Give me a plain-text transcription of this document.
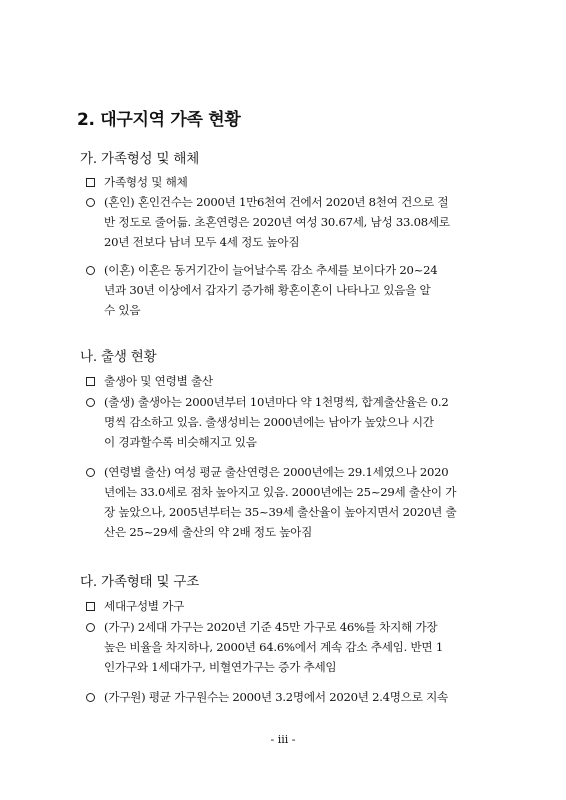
2. 대구지역 가족 현황
가. 가족형성 및 해체
가족형성 및 해체
(혼인) 혼인건수는 2000년 1만6천여 건에서 2020년 8천여 건으로 절
반 정도로 줄어듦. 초혼연령은 2020년 여성 30.67세, 남성 33.08세로
20년 전보다 남녀 모두 4세 정도 높아짐
(이혼) 이혼은 동거기간이 늘어날수록 감소 추세를 보이다가 20~24
년과 30년 이상에서 갑자기 증가해 황혼이혼이 나타나고 있음을 알
수 있음
나. 출생 현황
출생아 및 연령별 출산
(출생) 출생아는 2000년부터 10년마다 약 1천명씩, 합계출산율은 0.2
명씩 감소하고 있음. 출생성비는 2000년에는 남아가 높았으나 시간
이 경과할수록 비슷해지고 있음
(연령별 출산) 여성 평균 출산연령은 2000년에는 29.1세였으나 2020
년에는 33.0세로 점차 높아지고 있음. 2000년에는 25~29세 출산이 가
장 높았으나, 2005년부터는 35~39세 출산율이 높아지면서 2020년 출
산은 25~29세 출산의 약 2배 정도 높아짐
다. 가족형태 및 구조
세대구성별 가구
(가구) 2세대 가구는 2020년 기준 45만 가구로 46%를 차지해 가장
높은 비율을 차지하나, 2000년 64.6%에서 계속 감소 추세임. 반면 1
인가구와 1세대가구, 비혈연가구는 증가 추세임
(가구원) 평균 가구원수는 2000년 3.2명에서 2020년 2.4명으로 지속
- iii -
